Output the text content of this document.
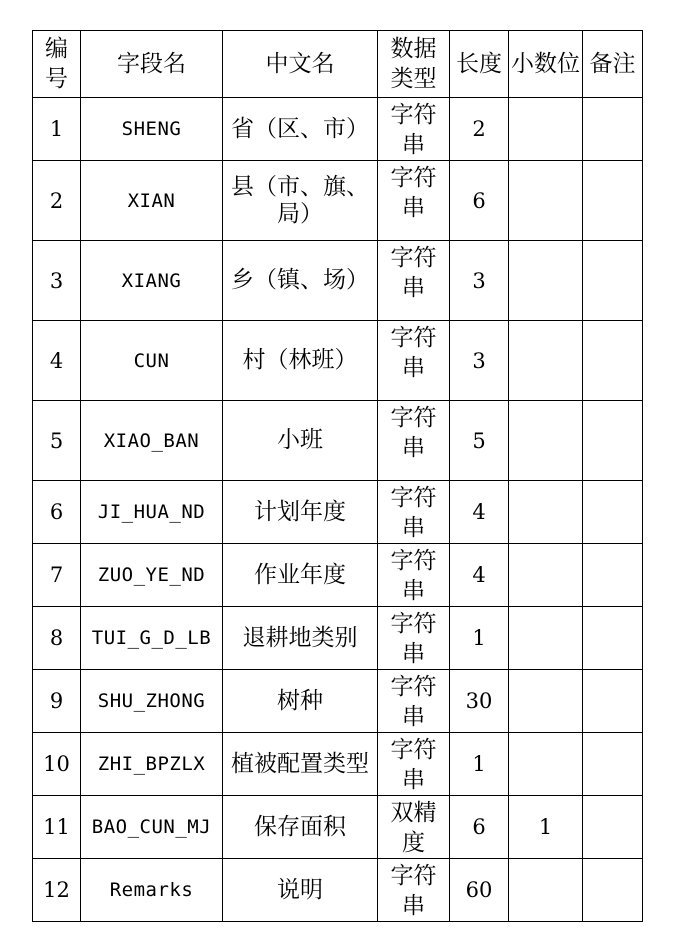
编号	字段名	中文名	数据类型	长度	小数位	备注
1	SHENG	省（区、市）	字符串	2		
2	XIAN	县（市、旗、局）	字符串	6		
3	XIANG	乡（镇、场）	字符串	3		
4	CUN	村（林班）	字符串	3		
5	XIAO_BAN	小班	字符串	5		
6	JI_HUA_ND	计划年度	字符串	4		
7	ZUO_YE_ND	作业年度	字符串	4		
8	TUI_G_D_LB	退耕地类别	字符串	1		
9	SHU_ZHONG	树种	字符串	30		
10	ZHI_BPZLX	植被配置类型	字符串	1		
11	BAO_CUN_MJ	保存面积	双精度	6	1	
12	Remarks	说明	字符串	60		
